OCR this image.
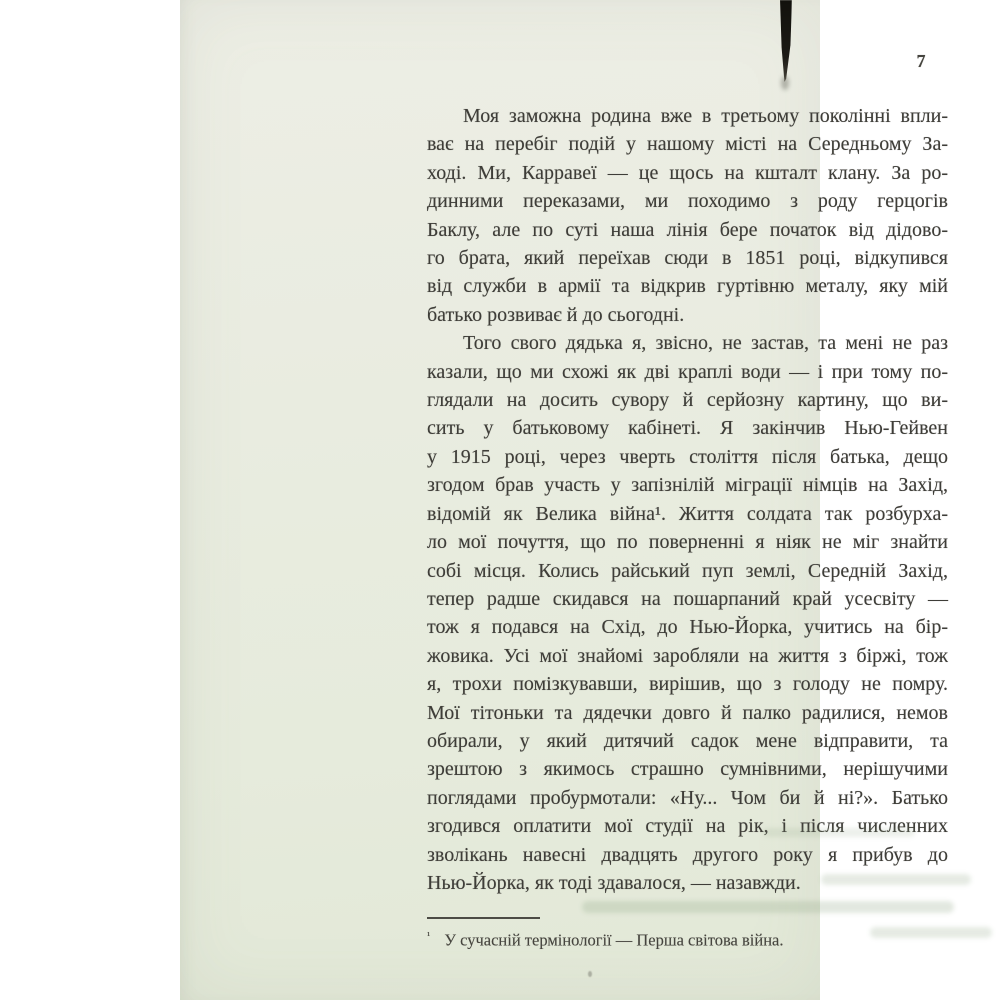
7
Моя заможна родина вже в третьому поколінні впли-
ває на перебіг подій у нашому місті на Середньому За-
ході. Ми, Карравеї — це щось на кшталт клану. За ро-
динними переказами, ми походимо з роду герцогів
Баклу, але по суті наша лінія бере початок від дідово-
го брата, який переїхав сюди в 1851 році, відкупився
від служби в армії та відкрив гуртівню металу, яку мій
батько розвиває й до сьогодні.
Того свого дядька я, звісно, не застав, та мені не раз
казали, що ми схожі як дві краплі води — і при тому по-
глядали на досить сувору й серйозну картину, що ви-
сить у батьковому кабінеті. Я закінчив Нью-Гейвен
у 1915 році, через чверть століття після батька, дещо
згодом брав участь у запізнілій міграції німців на Захід,
відомій як Велика війна¹. Життя солдата так розбурха-
ло мої почуття, що по поверненні я ніяк не міг знайти
собі місця. Колись райський пуп землі, Середній Захід,
тепер радше скидався на пошарпаний край усесвіту —
тож я подався на Схід, до Нью-Йорка, учитись на бір-
жовика. Усі мої знайомі заробляли на життя з біржі, тож
я, трохи помізкувавши, вирішив, що з голоду не помру.
Мої тітоньки та дядечки довго й палко радилися, немов
обирали, у який дитячий садок мене відправити, та
зрештою з якимось страшно сумнівними, нерішучими
поглядами пробурмотали: «Ну... Чом би й ні?». Батько
згодився оплатити мої студії на рік, і після численних
зволікань навесні двадцять другого року я прибув до
Нью-Йорка, як тоді здавалося, — назавжди.
$^{^1}$ У сучасній термінології — Перша світова війна.
